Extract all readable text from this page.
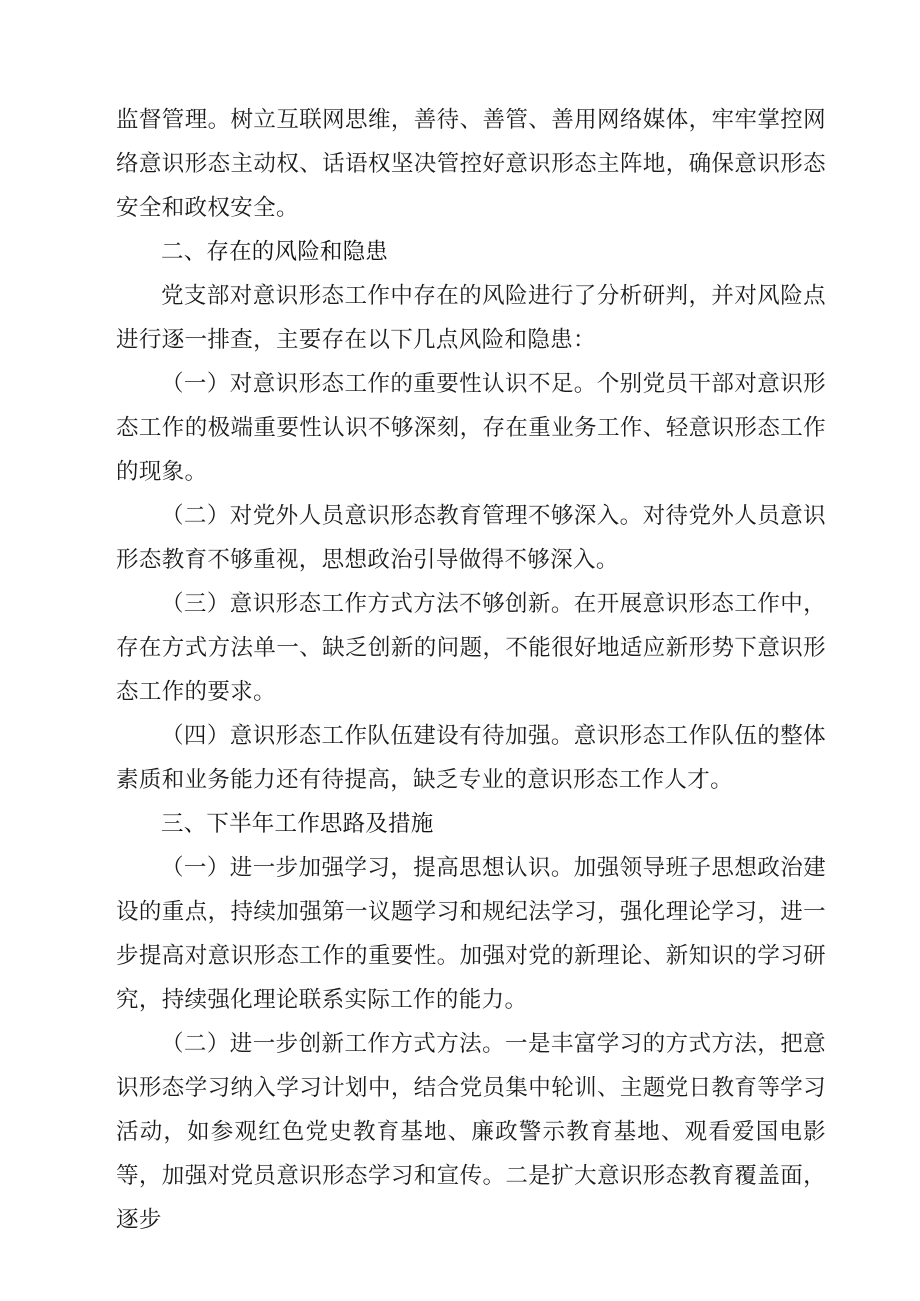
监督管理。树立互联网思维，善待、善管、善用网络媒体，牢牢掌控网络意识形态主动权、话语权坚决管控好意识形态主阵地，确保意识形态安全和政权安全。

二、存在的风险和隐患

党支部对意识形态工作中存在的风险进行了分析研判，并对风险点进行逐一排查，主要存在以下几点风险和隐患：

（一）对意识形态工作的重要性认识不足。个别党员干部对意识形态工作的极端重要性认识不够深刻，存在重业务工作、轻意识形态工作的现象。

（二）对党外人员意识形态教育管理不够深入。对待党外人员意识形态教育不够重视，思想政治引导做得不够深入。

（三）意识形态工作方式方法不够创新。在开展意识形态工作中，存在方式方法单一、缺乏创新的问题，不能很好地适应新形势下意识形态工作的要求。

（四）意识形态工作队伍建设有待加强。意识形态工作队伍的整体素质和业务能力还有待提高，缺乏专业的意识形态工作人才。

三、下半年工作思路及措施

（一）进一步加强学习，提高思想认识。加强领导班子思想政治建设的重点，持续加强第一议题学习和规纪法学习，强化理论学习，进一步提高对意识形态工作的重要性。加强对党的新理论、新知识的学习研究，持续强化理论联系实际工作的能力。

（二）进一步创新工作方式方法。一是丰富学习的方式方法，把意识形态学习纳入学习计划中，结合党员集中轮训、主题党日教育等学习活动，如参观红色党史教育基地、廉政警示教育基地、观看爱国电影等，加强对党员意识形态学习和宣传。二是扩大意识形态教育覆盖面，逐步
